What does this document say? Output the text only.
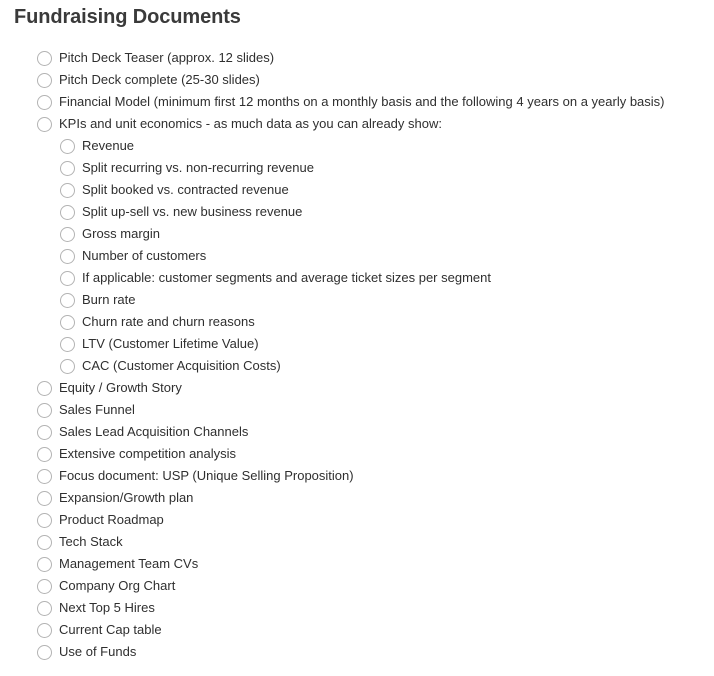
Fundraising Documents
Pitch Deck Teaser (approx. 12 slides)
Pitch Deck complete (25-30 slides)
Financial Model (minimum first 12 months on a monthly basis and the following 4 years on a yearly basis)
KPIs and unit economics - as much data as you can already show:
Revenue
Split recurring vs. non-recurring revenue
Split booked vs. contracted revenue
Split up-sell vs. new business revenue
Gross margin
Number of customers
If applicable: customer segments and average ticket sizes per segment
Burn rate
Churn rate and churn reasons
LTV (Customer Lifetime Value)
CAC (Customer Acquisition Costs)
Equity / Growth Story
Sales Funnel
Sales Lead Acquisition Channels
Extensive competition analysis
Focus document: USP (Unique Selling Proposition)
Expansion/Growth plan
Product Roadmap
Tech Stack
Management Team CVs
Company Org Chart
Next Top 5 Hires
Current Cap table
Use of Funds
